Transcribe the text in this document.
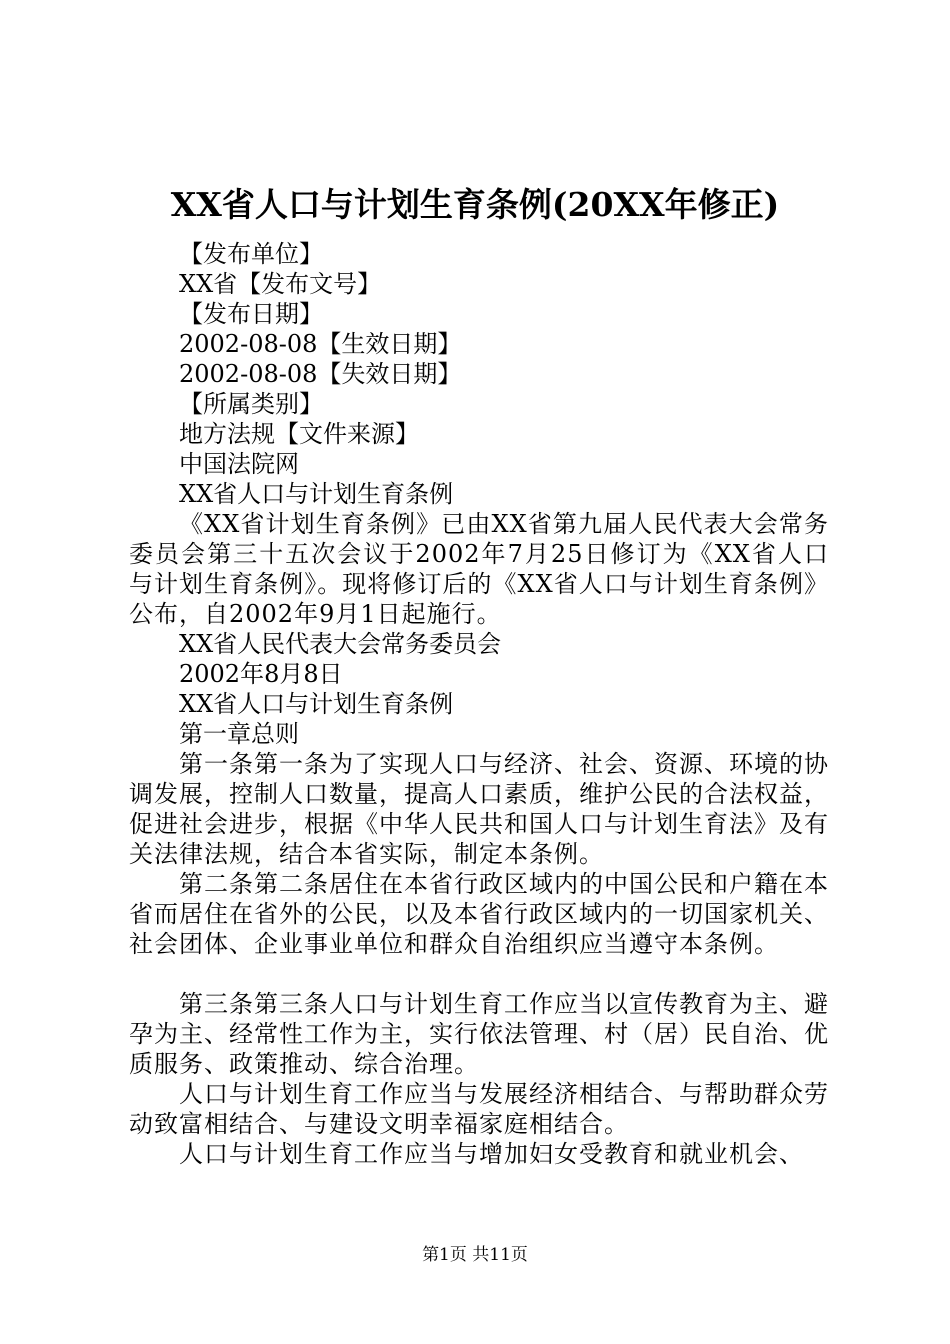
XX省人口与计划生育条例(20XX年修正)

【发布单位】

XX省【发布文号】

【发布日期】

2002-08-08【生效日期】

2002-08-08【失效日期】

【所属类别】

地方法规【文件来源】

中国法院网

XX省人口与计划生育条例

《XX省计划生育条例》已由XX省第九届人民代表大会常务委员会第三十五次会议于2002年7月25日修订为《XX省人口与计划生育条例》。现将修订后的《XX省人口与计划生育条例》公布，自2002年9月1日起施行。

XX省人民代表大会常务委员会

2002年8月8日

XX省人口与计划生育条例

第一章总则

第一条第一条为了实现人口与经济、社会、资源、环境的协调发展，控制人口数量，提高人口素质，维护公民的合法权益，促进社会进步，根据《中华人民共和国人口与计划生育法》及有关法律法规，结合本省实际，制定本条例。

第二条第二条居住在本省行政区域内的中国公民和户籍在本省而居住在省外的公民，以及本省行政区域内的一切国家机关、社会团体、企业事业单位和群众自治组织应当遵守本条例。

第三条第三条人口与计划生育工作应当以宣传教育为主、避孕为主、经常性工作为主，实行依法管理、村（居）民自治、优质服务、政策推动、综合治理。

人口与计划生育工作应当与发展经济相结合、与帮助群众劳动致富相结合、与建设文明幸福家庭相结合。

人口与计划生育工作应当与增加妇女受教育和就业机会、

第1页 共11页
